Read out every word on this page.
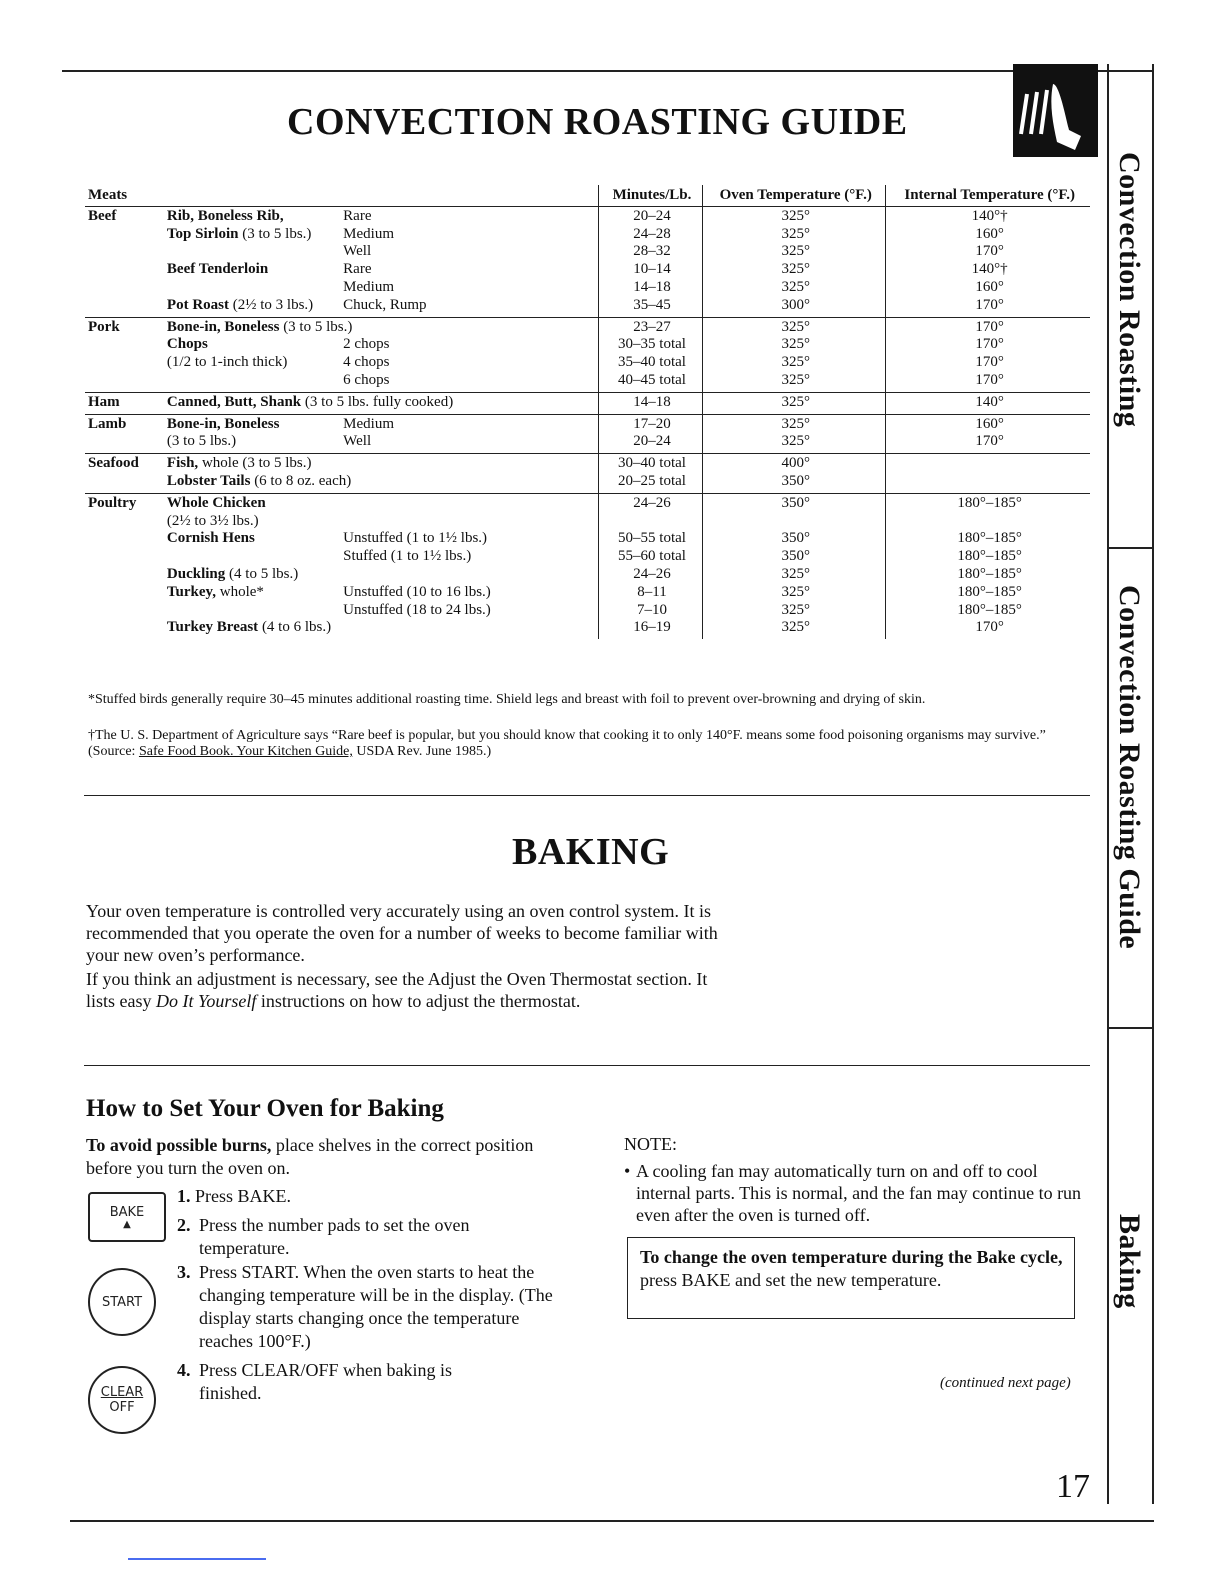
Convection Roasting
Convection Roasting Guide
Baking
CONVECTION ROASTING GUIDE
Meats			Minutes/Lb.	Oven Temperature (°F.)	Internal Temperature (°F.)
Beef	Rib, Boneless Rib,	Rare	20–24	325°	140°†
	Top Sirloin (3 to 5 lbs.)	Medium	24–28	325°	160°
		Well	28–32	325°	170°
	Beef Tenderloin	Rare	10–14	325°	140°†
		Medium	14–18	325°	160°
	Pot Roast (2½ to 3 lbs.)	Chuck, Rump	35–45	300°	170°
Pork	Bone-in, Boneless (3 to 5 lbs.)		23–27	325°	170°
	Chops	2 chops	30–35 total	325°	170°
	(1/2 to 1-inch thick)	4 chops	35–40 total	325°	170°
		6 chops	40–45 total	325°	170°
Ham	Canned, Butt, Shank (3 to 5 lbs. fully cooked)		14–18	325°	140°
Lamb	Bone-in, Boneless	Medium	17–20	325°	160°
	(3 to 5 lbs.)	Well	20–24	325°	170°
Seafood	Fish, whole (3 to 5 lbs.)		30–40 total	400°	
	Lobster Tails (6 to 8 oz. each)		20–25 total	350°	
Poultry	Whole Chicken		24–26	350°	180°–185°
	(2½ to 3½ lbs.)				
	Cornish Hens	Unstuffed (1 to 1½ lbs.)	50–55 total	350°	180°–185°
		Stuffed (1 to 1½ lbs.)	55–60 total	350°	180°–185°
	Duckling (4 to 5 lbs.)		24–26	325°	180°–185°
	Turkey, whole*	Unstuffed (10 to 16 lbs.)	8–11	325°	180°–185°
		Unstuffed (18 to 24 lbs.)	7–10	325°	180°–185°
	Turkey Breast (4 to 6 lbs.)		16–19	325°	170°
*Stuffed birds generally require 30–45 minutes additional roasting time. Shield legs and breast with foil to prevent over-browning and drying of skin.
†The U. S. Department of Agriculture says “Rare beef is popular, but you should know that cooking it to only 140°F. means some food poisoning organisms may survive.” (Source: Safe Food Book. Your Kitchen Guide, USDA Rev. June 1985.)
BAKING
Your oven temperature is controlled very accurately using an oven control system. It is recommended that you operate the oven for a number of weeks to become familiar with your new oven’s performance.
If you think an adjustment is necessary, see the Adjust the Oven Thermostat section. It lists easy Do It Yourself instructions on how to adjust the thermostat.
How to Set Your Oven for Baking
To avoid possible burns, place shelves in the correct position before you turn the oven on.
BAKE
▲
START
CLEAR
OFF
1. Press BAKE.
2. Press the number pads to set the oven temperature.
3. Press START. When the oven starts to heat the changing temperature will be in the display. (The display starts changing once the temperature reaches 100°F.)
4. Press CLEAR/OFF when baking is finished.
NOTE:
• A cooling fan may automatically turn on and off to cool internal parts. This is normal, and the fan may continue to run even after the oven is turned off.
To change the oven temperature during the Bake cycle, press BAKE and set the new temperature.
(continued next page)
17
